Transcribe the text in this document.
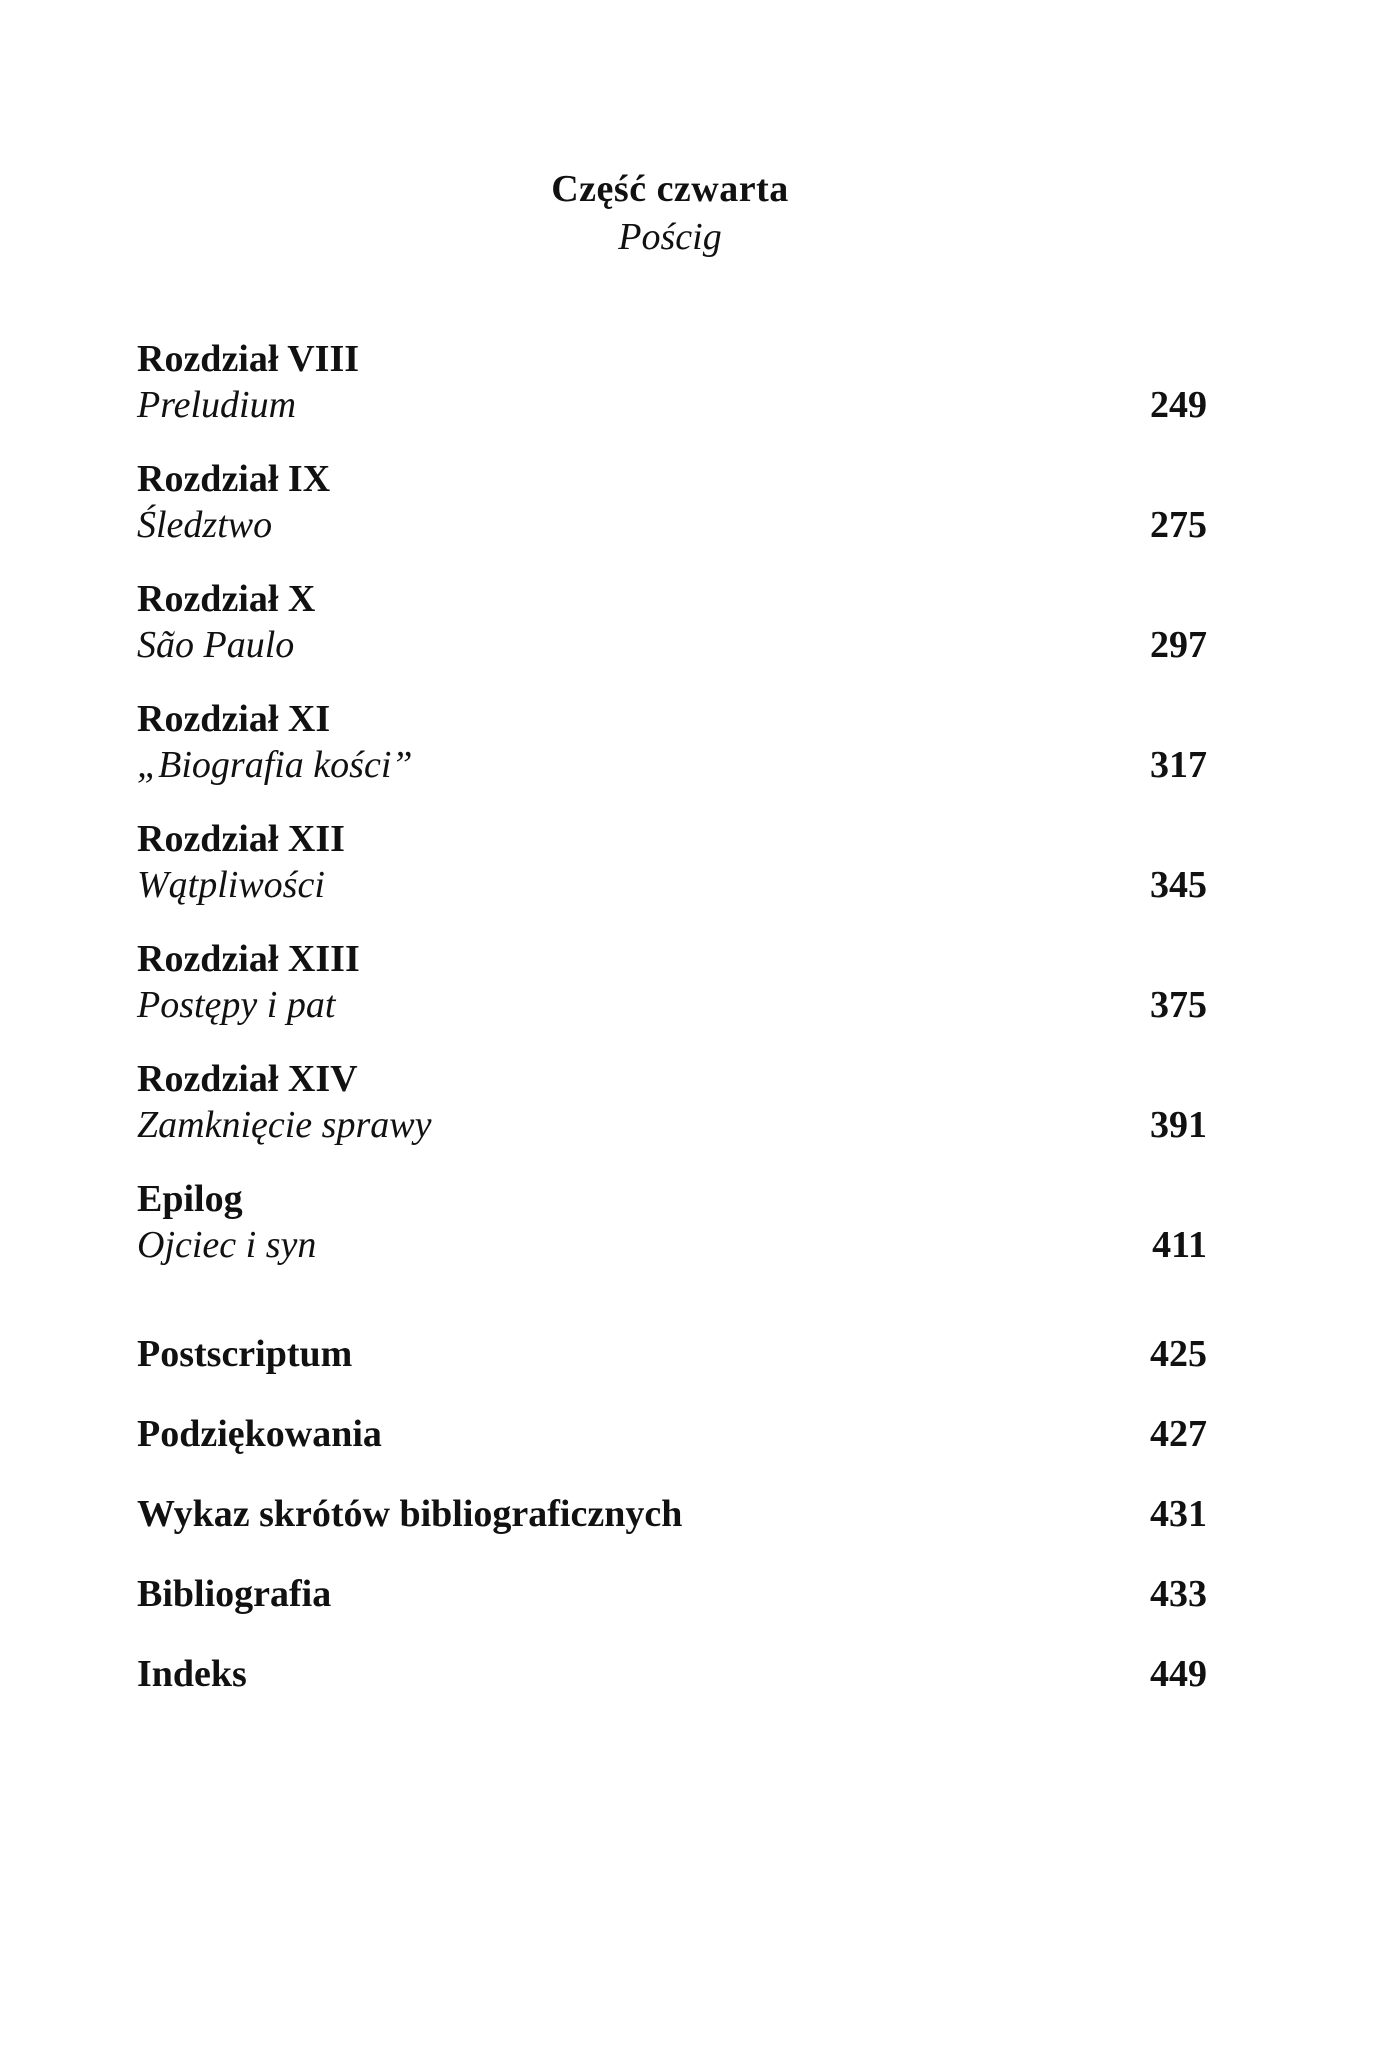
Część czwarta
Pościg
Rozdział VIII
Preludium	249
Rozdział IX
Śledztwo	275
Rozdział X
São Paulo	297
Rozdział XI
„Biografia kości”	317
Rozdział XII
Wątpliwości	345
Rozdział XIII
Postępy i pat	375
Rozdział XIV
Zamknięcie sprawy	391
Epilog
Ojciec i syn	411
Postscriptum	425
Podziękowania	427
Wykaz skrótów bibliograficznych	431
Bibliografia	433
Indeks	449
